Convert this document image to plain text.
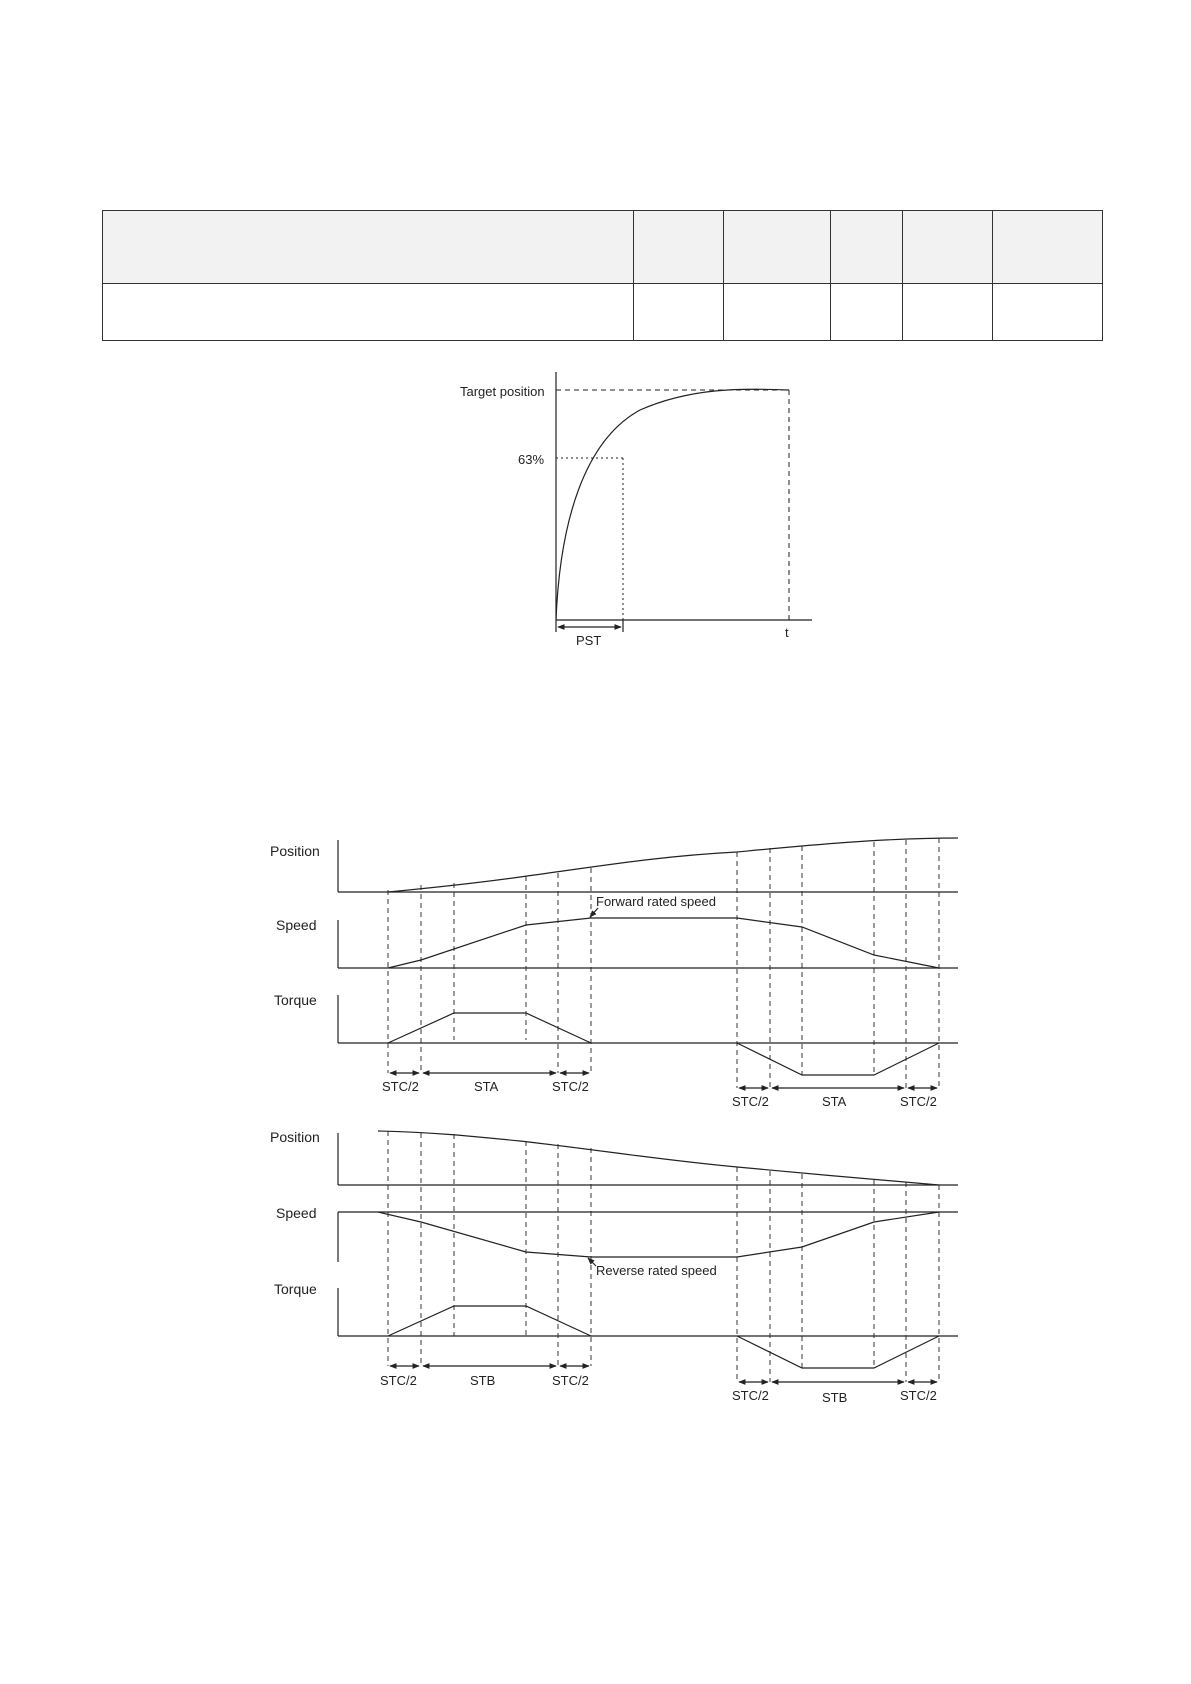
Target position
63%
PST
t
Position
Speed
Torque
Forward rated speed
STC/2	STA	STC/2
STC/2	STA	STC/2
Position
Speed
Torque
Reverse rated speed
STC/2	STB	STC/2
STC/2	STB	STC/2
